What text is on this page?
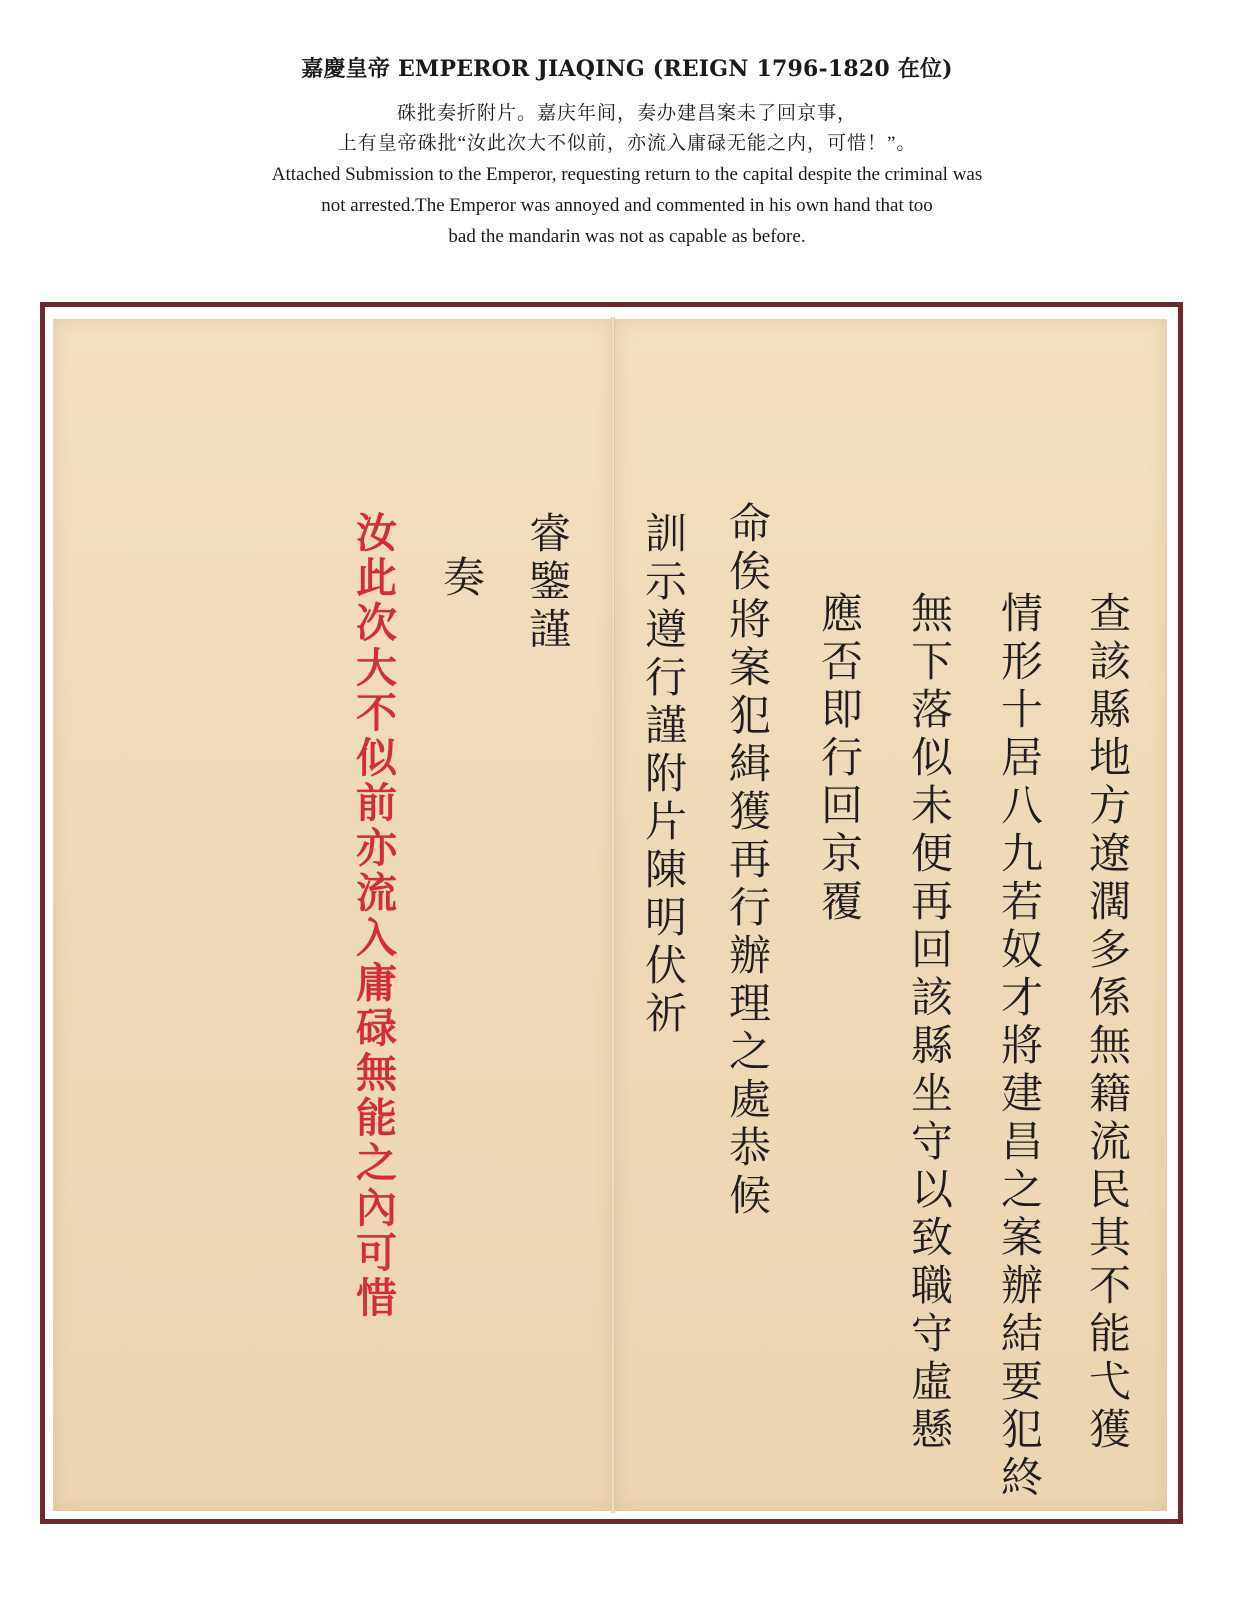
嘉慶皇帝 EMPEROR JIAQING (REIGN 1796-1820 在位)
硃批奏折附片。嘉庆年间，奏办建昌案未了回京事，
上有皇帝硃批“汝此次大不似前，亦流入庸碌无能之内，可惜！”。
Attached Submission to the Emperor, requesting return to the capital despite the criminal was
not arrested.The Emperor was annoyed and commented in his own hand that too
bad the mandarin was not as capable as before.
汝此次大不似前亦流入庸碌無能之內可惜 奏 睿鑒謹 訓示遵行謹附片陳明伏祈 命俟將案犯緝獲再行辦理之處恭候 應否即行回京覆 無下落似未便再回該縣坐守以致職守虛懸 情形十居八九若奴才將建昌之案辦結要犯終 查該縣地方遼濶多係無籍流民其不能弋獲
